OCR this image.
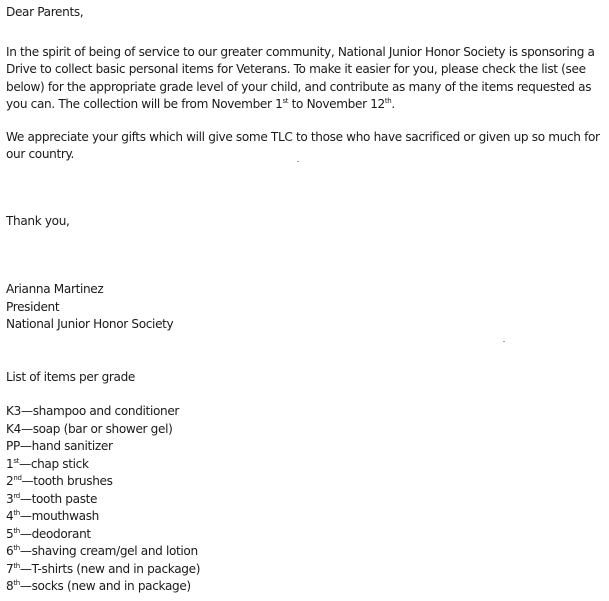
Dear Parents,

In the spirit of being of service to our greater community, National Junior Honor Society is sponsoring a

Drive to collect basic personal items for Veterans. To make it easier for you, please check the list (see

below) for the appropriate grade level of your child, and contribute as many of the items requested as

you can. The collection will be from November 1st to November 12th.

We appreciate your gifts which will give some TLC to those who have sacrificed or given up so much for

our country.

Thank you,

Arianna Martinez

President

National Junior Honor Society

List of items per grade

K3—shampoo and conditioner

K4—soap (bar or shower gel)

PP—hand sanitizer

1st—chap stick

2nd—tooth brushes

3rd—tooth paste

4th—mouthwash

5th—deodorant

6th—shaving cream/gel and lotion

7th—T-shirts (new and in package)

8th—socks (new and in package)
